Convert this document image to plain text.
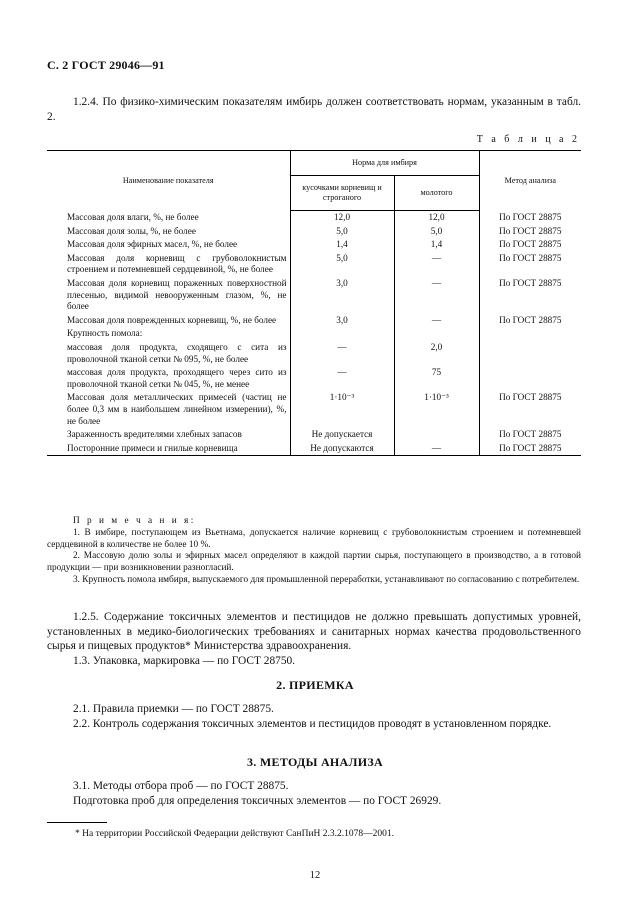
С. 2 ГОСТ 29046—91
1.2.4. По физико-химическим показателям имбирь должен соответствовать нормам, указанным в табл. 2.
Т а б л и ц а 2
Наименование показателя	Норма для имбиря		Метод анализа
	кусочками корневищ и строганого	молотого	
Массовая доля влаги, %, не более	12,0	12,0	По ГОСТ 28875
Массовая доля золы, %, не более	5,0	5,0	По ГОСТ 28875
Массовая доля эфирных масел, %, не более	1,4	1,4	По ГОСТ 28875
Массовая доля корневищ с грубоволокнистым строением и потемневшей сердцевиной, %, не более	5,0	—	По ГОСТ 28875
Массовая доля корневищ пораженных поверхностной плесенью, видимой невооруженным глазом, %, не более	3,0	—	По ГОСТ 28875
Массовая доля поврежденных корневищ, %, не более	3,0	—	По ГОСТ 28875
Крупность помола:			
массовая доля продукта, сходящего с сита из проволочной тканой сетки № 095, %, не более	—	2,0	
массовая доля продукта, проходящего через сито из проволочной тканой сетки № 045, %, не менее	—	75	
Массовая доля металлических примесей (частиц не более 0,3 мм в наибольшем линейном измерении), %, не более	1·10⁻³	1·10⁻³	По ГОСТ 28875
Зараженность вредителями хлебных запасов	Не допускается		По ГОСТ 28875
Посторонние примеси и гнилые корневища	Не допускаются	—	По ГОСТ 28875
П р и м е ч а н и я:

1. В имбире, поступающем из Вьетнама, допускается наличие корневищ с грубоволокнистым строением и потемневшей сердцевиной в количестве не более 10 %.

2. Массовую долю золы и эфирных масел определяют в каждой партии сырья, поступающего в производство, а в готовой продукции — при возникновении разногласий.

3. Крупность помола имбиря, выпускаемого для промышленной переработки, устанавливают по согласованию с потребителем.

1.2.5. Содержание токсичных элементов и пестицидов не должно превышать допустимых уровней, установленных в медико-биологических требованиях и санитарных нормах качества продовольственного сырья и пищевых продуктов* Министерства здравоохранения.
1.3. Упаковка, маркировка — по ГОСТ 28750.
2. ПРИЕМКА
2.1. Правила приемки — по ГОСТ 28875.
2.2. Контроль содержания токсичных элементов и пестицидов проводят в установленном порядке.
3. МЕТОДЫ АНАЛИЗА
3.1. Методы отбора проб — по ГОСТ 28875.
Подготовка проб для определения токсичных элементов — по ГОСТ 26929.
* На территории Российской Федерации действуют СанПиН 2.3.2.1078—2001.
12
